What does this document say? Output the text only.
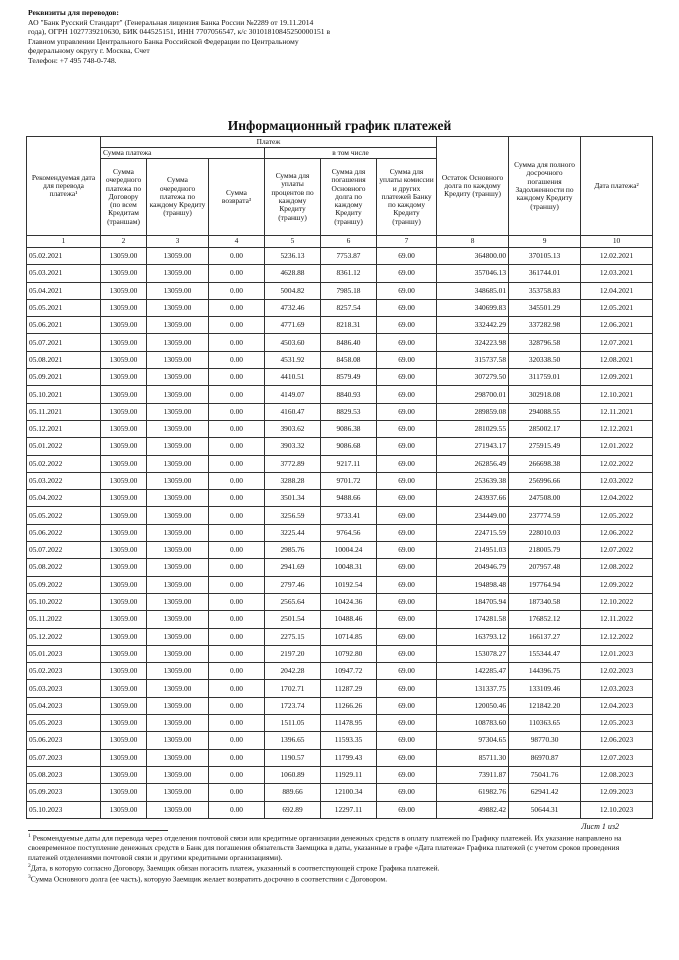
Реквизиты для переводов:
АО "Банк Русский Стандарт" (Генеральная лицензия Банка России №2289 от 19.11.2014
года), ОГРН 1027739210630, БИК 044525151, ИНН 7707056547, к/с 30101810845250000151 в
Главном управлении Центрального Банка Российской Федерации по Центральному
федеральному округу г. Москва, Счет
Телефон: +7 495 748-0-748.
Информационный график платежей
Рекомендуемая дата для перевода платежа¹	Платеж						Остаток Основного долга по каждому Кредиту (траншу)	Сумма для полного досрочного погашения Задолженности по каждому Кредиту (траншу)	Дата платежа²
	Сумма платежа			в том числе					
	Сумма очередного платежа по Договору (по всем Кредитам (траншам)	Сумма очередного платежа по каждому Кредиту (траншу)	Сумма возврата³	Сумма для уплаты процентов по каждому Кредиту (траншу)	Сумма для погашения Основного долга по каждому Кредиту (траншу)	Сумма для уплаты комиссии и других платежей Банку по каждому Кредиту (траншу)			
1	2	3	4	5	6	7	8	9	10
05.02.2021	13059.00	13059.00	0.00	5236.13	7753.87	69.00	364800.00	370105.13	12.02.2021
05.03.2021	13059.00	13059.00	0.00	4628.88	8361.12	69.00	357046.13	361744.01	12.03.2021
05.04.2021	13059.00	13059.00	0.00	5004.82	7985.18	69.00	348685.01	353758.83	12.04.2021
05.05.2021	13059.00	13059.00	0.00	4732.46	8257.54	69.00	340699.83	345501.29	12.05.2021
05.06.2021	13059.00	13059.00	0.00	4771.69	8218.31	69.00	332442.29	337282.98	12.06.2021
05.07.2021	13059.00	13059.00	0.00	4503.60	8486.40	69.00	324223.98	328796.58	12.07.2021
05.08.2021	13059.00	13059.00	0.00	4531.92	8458.08	69.00	315737.58	320338.50	12.08.2021
05.09.2021	13059.00	13059.00	0.00	4410.51	8579.49	69.00	307279.50	311759.01	12.09.2021
05.10.2021	13059.00	13059.00	0.00	4149.07	8840.93	69.00	298700.01	302918.08	12.10.2021
05.11.2021	13059.00	13059.00	0.00	4160.47	8829.53	69.00	289859.08	294088.55	12.11.2021
05.12.2021	13059.00	13059.00	0.00	3903.62	9086.38	69.00	281029.55	285002.17	12.12.2021
05.01.2022	13059.00	13059.00	0.00	3903.32	9086.68	69.00	271943.17	275915.49	12.01.2022
05.02.2022	13059.00	13059.00	0.00	3772.89	9217.11	69.00	262856.49	266698.38	12.02.2022
05.03.2022	13059.00	13059.00	0.00	3288.28	9701.72	69.00	253639.38	256996.66	12.03.2022
05.04.2022	13059.00	13059.00	0.00	3501.34	9488.66	69.00	243937.66	247508.00	12.04.2022
05.05.2022	13059.00	13059.00	0.00	3256.59	9733.41	69.00	234449.00	237774.59	12.05.2022
05.06.2022	13059.00	13059.00	0.00	3225.44	9764.56	69.00	224715.59	228010.03	12.06.2022
05.07.2022	13059.00	13059.00	0.00	2985.76	10004.24	69.00	214951.03	218005.79	12.07.2022
05.08.2022	13059.00	13059.00	0.00	2941.69	10048.31	69.00	204946.79	207957.48	12.08.2022
05.09.2022	13059.00	13059.00	0.00	2797.46	10192.54	69.00	194898.48	197764.94	12.09.2022
05.10.2022	13059.00	13059.00	0.00	2565.64	10424.36	69.00	184705.94	187340.58	12.10.2022
05.11.2022	13059.00	13059.00	0.00	2501.54	10488.46	69.00	174281.58	176852.12	12.11.2022
05.12.2022	13059.00	13059.00	0.00	2275.15	10714.85	69.00	163793.12	166137.27	12.12.2022
05.01.2023	13059.00	13059.00	0.00	2197.20	10792.80	69.00	153078.27	155344.47	12.01.2023
05.02.2023	13059.00	13059.00	0.00	2042.28	10947.72	69.00	142285.47	144396.75	12.02.2023
05.03.2023	13059.00	13059.00	0.00	1702.71	11287.29	69.00	131337.75	133109.46	12.03.2023
05.04.2023	13059.00	13059.00	0.00	1723.74	11266.26	69.00	120050.46	121842.20	12.04.2023
05.05.2023	13059.00	13059.00	0.00	1511.05	11478.95	69.00	108783.60	110363.65	12.05.2023
05.06.2023	13059.00	13059.00	0.00	1396.65	11593.35	69.00	97304.65	98770.30	12.06.2023
05.07.2023	13059.00	13059.00	0.00	1190.57	11799.43	69.00	85711.30	86970.87	12.07.2023
05.08.2023	13059.00	13059.00	0.00	1060.89	11929.11	69.00	73911.87	75041.76	12.08.2023
05.09.2023	13059.00	13059.00	0.00	889.66	12100.34	69.00	61982.76	62941.42	12.09.2023
05.10.2023	13059.00	13059.00	0.00	692.89	12297.11	69.00	49882.42	50644.31	12.10.2023
Лист 1 из2
$^1$ Рекомендуемые даты для перевода через отделения почтовой связи или кредитные организации денежных средств в оплату платежей по Графику платежей. Их указание направлено на своевременное поступление денежных средств в Банк для погашения обязательств Заемщика в даты, указанные в графе «Дата платежа» Графика платежей (с учетом сроков проведения платежей отделениями почтовой связи и другими кредитными организациями).
$^2$Дата, в которую согласно Договору, Заемщик обязан погасить платеж, указанный в соответствующей строке Графика платежей.
$^3$Сумма Основного долга (ее часть), которую Заемщик желает возвратить досрочно в соответствии с Договором.
